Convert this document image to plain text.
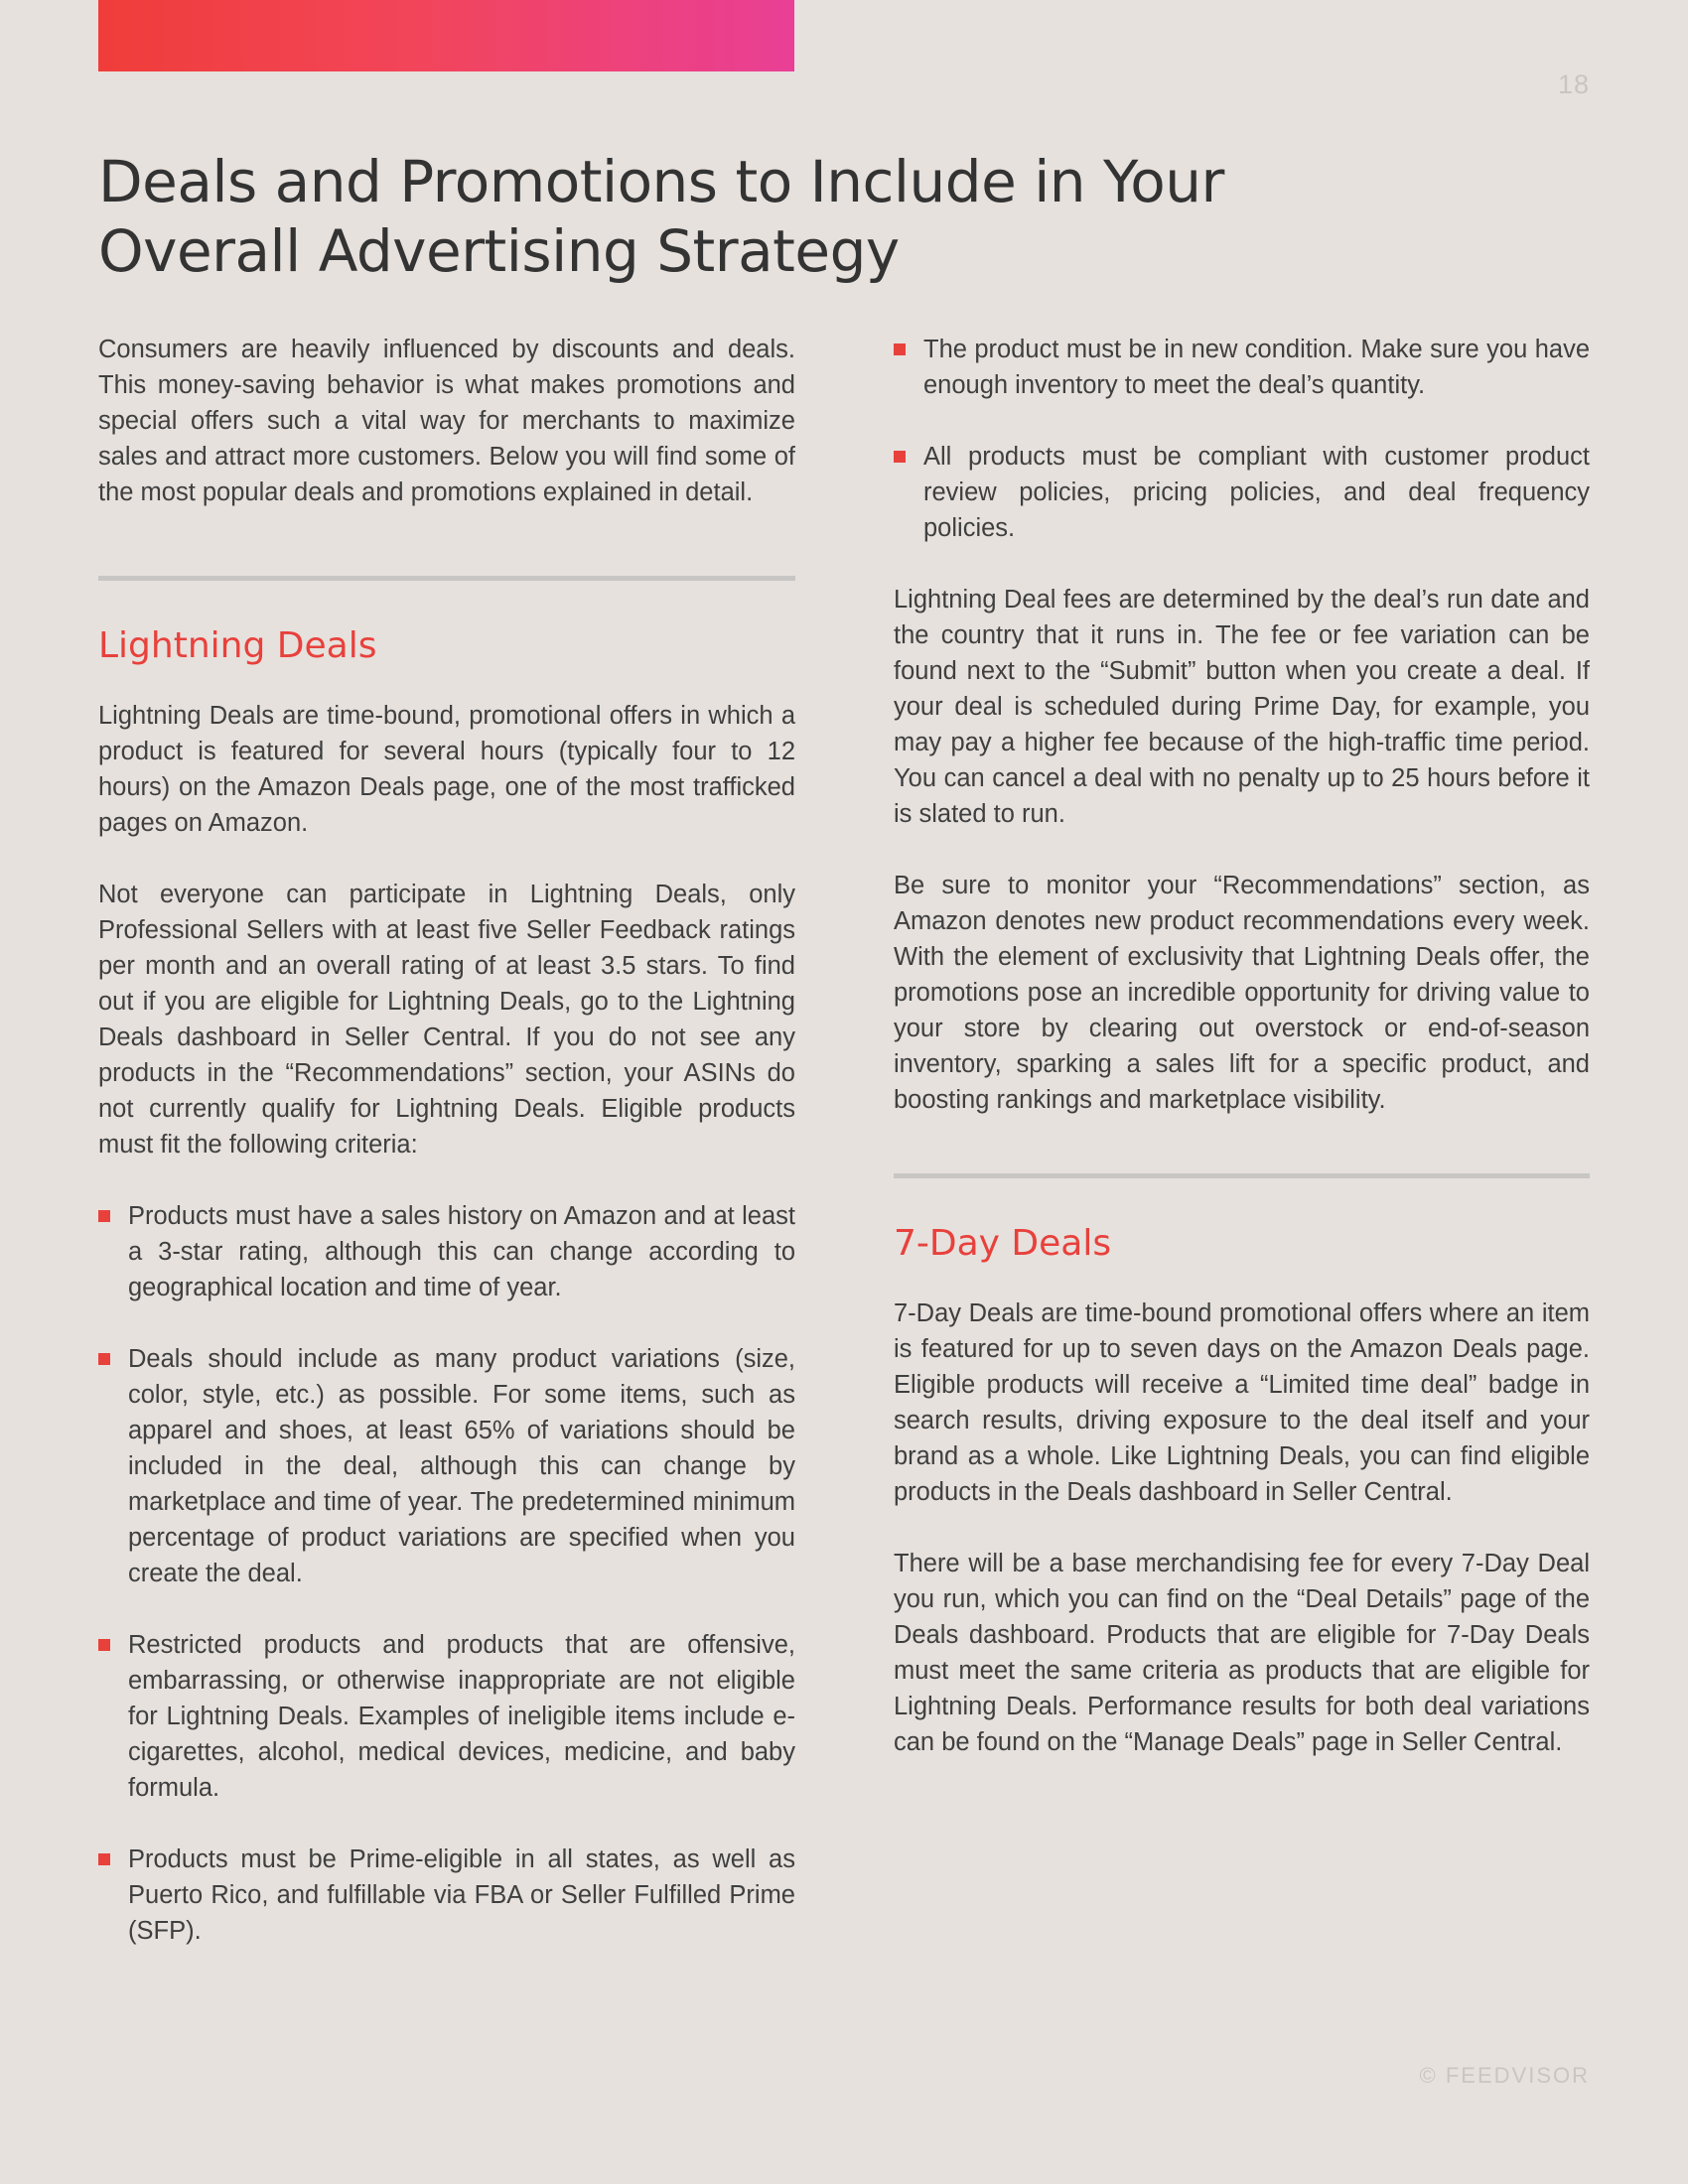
18
Deals and Promotions to Include in Your Overall Advertising Strategy

Consumers are heavily influenced by discounts and deals. This money-saving behavior is what makes promotions and special offers such a vital way for merchants to maximize sales and attract more customers. Below you will find some of the most popular deals and promotions explained in detail.

Lightning Deals

Lightning Deals are time-bound, promotional offers in which a product is featured for several hours (typically four to 12 hours) on the Amazon Deals page, one of the most trafficked pages on Amazon.

Not everyone can participate in Lightning Deals, only Professional Sellers with at least five Seller Feedback ratings per month and an overall rating of at least 3.5 stars. To find out if you are eligible for Lightning Deals, go to the Lightning Deals dashboard in Seller Central. If you do not see any products in the “Recommendations” section, your ASINs do not currently qualify for Lightning Deals. Eligible products must fit the following criteria:

Products must have a sales history on Amazon and at least a 3-star rating, although this can change according to geographical location and time of year.
Deals should include as many product variations (size, color, style, etc.) as possible. For some items, such as apparel and shoes, at least 65% of variations should be included in the deal, although this can change by marketplace and time of year. The predetermined minimum percentage of product variations are specified when you create the deal.
Restricted products and products that are offensive, embarrassing, or otherwise inappropriate are not eligible for Lightning Deals. Examples of ineligible items include e-cigarettes, alcohol, medical devices, medicine, and baby formula.
Products must be Prime-eligible in all states, as well as Puerto Rico, and fulfillable via FBA or Seller Fulfilled Prime (SFP).
The product must be in new condition. Make sure you have enough inventory to meet the deal’s quantity.
All products must be compliant with customer product review policies, pricing policies, and deal frequency policies.

Lightning Deal fees are determined by the deal’s run date and the country that it runs in. The fee or fee variation can be found next to the “Submit” button when you create a deal. If your deal is scheduled during Prime Day, for example, you may pay a higher fee because of the high-traffic time period. You can cancel a deal with no penalty up to 25 hours before it is slated to run.

Be sure to monitor your “Recommendations” section, as Amazon denotes new product recommendations every week. With the element of exclusivity that Lightning Deals offer, the promotions pose an incredible opportunity for driving value to your store by clearing out overstock or end-of-season inventory, sparking a sales lift for a specific product, and boosting rankings and marketplace visibility.

7-Day Deals

7-Day Deals are time-bound promotional offers where an item is featured for up to seven days on the Amazon Deals page. Eligible products will receive a “Limited time deal” badge in search results, driving exposure to the deal itself and your brand as a whole. Like Lightning Deals, you can find eligible products in the Deals dashboard in Seller Central.

There will be a base merchandising fee for every 7-Day Deal you run, which you can find on the “Deal Details” page of the Deals dashboard. Products that are eligible for 7-Day Deals must meet the same criteria as products that are eligible for Lightning Deals. Performance results for both deal variations can be found on the “Manage Deals” page in Seller Central.

© FEEDVISOR
